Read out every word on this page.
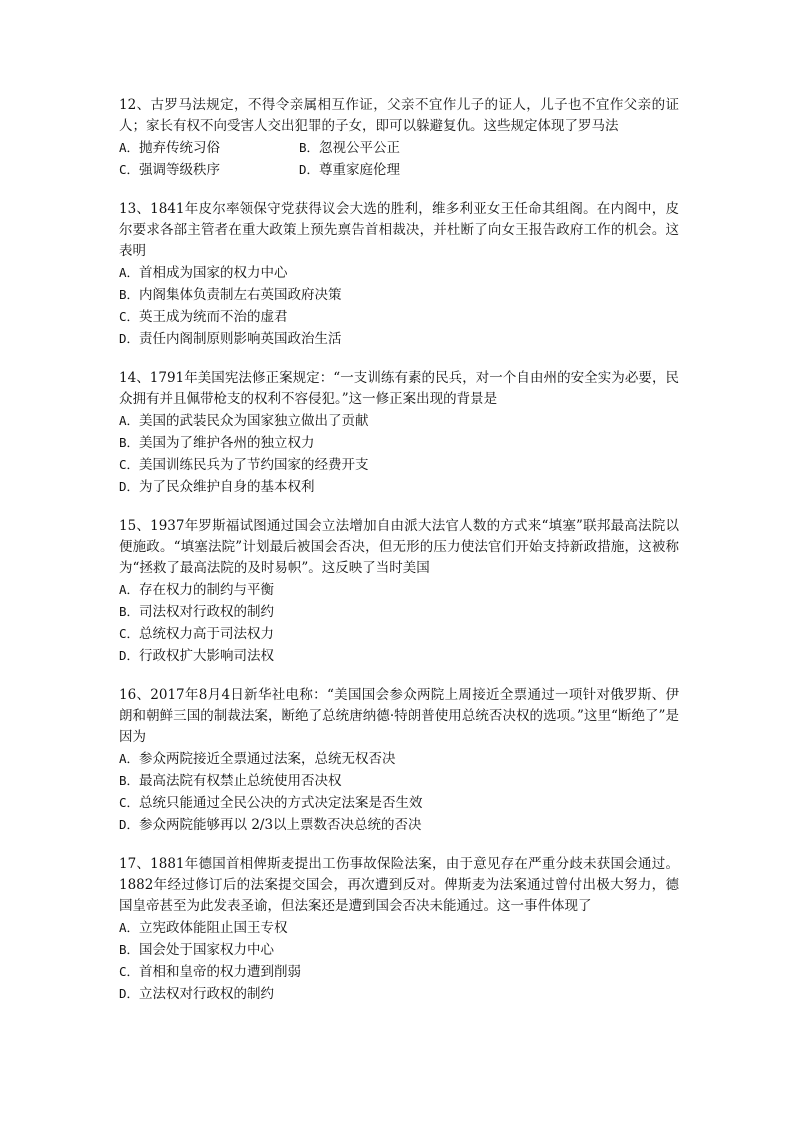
12、古罗马法规定，不得令亲属相互作证，父亲不宜作儿子的证人，儿子也不宜作父亲的证人；家长有权不向受害人交出犯罪的子女，即可以躲避复仇。这些规定体现了罗马法

A．抛弃传统习俗	B．忽视公平公正
C．强调等级秩序	D．尊重家庭伦理

13、1841年皮尔率领保守党获得议会大选的胜利，维多利亚女王任命其组阁。在内阁中，皮尔要求各部主管者在重大政策上预先禀告首相裁决，并杜断了向女王报告政府工作的机会。这表明

A．首相成为国家的权力中心
B．内阁集体负责制左右英国政府决策
C．英王成为统而不治的虚君
D．责任内阁制原则影响英国政治生活

14、1791年美国宪法修正案规定：“一支训练有素的民兵，对一个自由州的安全实为必要，民众拥有并且佩带枪支的权利不容侵犯。”这一修正案出现的背景是

A．美国的武装民众为国家独立做出了贡献
B．美国为了维护各州的独立权力
C．美国训练民兵为了节约国家的经费开支
D．为了民众维护自身的基本权利

15、1937年罗斯福试图通过国会立法增加自由派大法官人数的方式来“填塞”联邦最高法院以便施政。“填塞法院”计划最后被国会否决，但无形的压力使法官们开始支持新政措施，这被称为“拯救了最高法院的及时易帜”。这反映了当时美国

A．存在权力的制约与平衡
B．司法权对行政权的制约
C．总统权力高于司法权力
D．行政权扩大影响司法权

16、2017年8月4日新华社电称：“美国国会参众两院上周接近全票通过一项针对俄罗斯、伊朗和朝鲜三国的制裁法案，断绝了总统唐纳德·特朗普使用总统否决权的选项。”这里“断绝了”是因为

A．参众两院接近全票通过法案，总统无权否决
B．最高法院有权禁止总统使用否决权
C．总统只能通过全民公决的方式决定法案是否生效
D．参众两院能够再以 2/3以上票数否决总统的否决

17、1881年德国首相俾斯麦提出工伤事故保险法案，由于意见存在严重分歧未获国会通过。1882年经过修订后的法案提交国会，再次遭到反对。俾斯麦为法案通过曾付出极大努力，德国皇帝甚至为此发表圣谕，但法案还是遭到国会否决未能通过。这一事件体现了

A．立宪政体能阻止国王专权
B．国会处于国家权力中心
C．首相和皇帝的权力遭到削弱
D．立法权对行政权的制约
